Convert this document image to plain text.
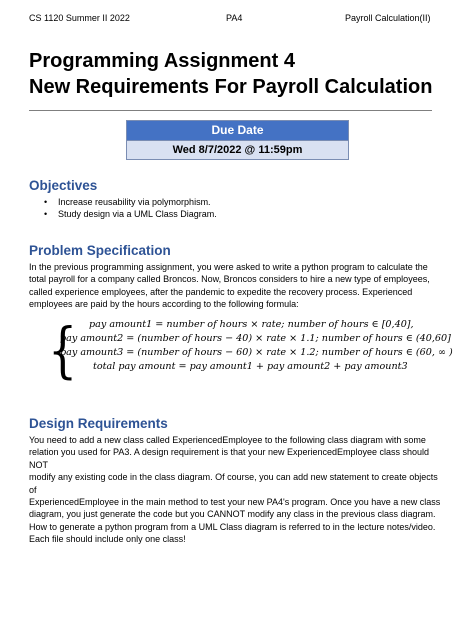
CS 1120 Summer II 2022	PA4	Payroll Calculation(II)
Programming Assignment 4
New Requirements For Payroll Calculation
Due Date
Wed 8/7/2022 @ 11:59pm
Objectives
• Increase reusability via polymorphism.
• Study design via a UML Class Diagram.
Problem Specification
In the previous programming assignment, you were asked to write a python program to calculate the
total payroll for a company called Broncos. Now, Broncos considers to hire a new type of employees,
called experience employees, after the pandemic to expedite the recovery process. Experienced
employees are paid by the hours according to the following formula:
{ pay amount1 = number of hours × rate; number of hours ∈ [0,40],
pay amount2 = (number of hours − 40) × rate × 1.1; number of hours ∈ (40,60]
pay amount3 = (number of hours − 60) × rate × 1.2; number of hours ∈ (60, ∞ )
total pay amount = pay amount1 + pay amount2 + pay amount3
Design Requirements
You need to add a new class called ExperiencedEmployee to the following class diagram with some
relation you used for PA3. A design requirement is that your new ExperiencedEmployee class should NOT
modify any existing code in the class diagram. Of course, you can add new statement to create objects of
ExperiencedEmployee in the main method to test your new PA4's program. Once you have a new class
diagram, you just generate the code but you CANNOT modify any class in the previous class diagram.
How to generate a python program from a UML Class diagram is referred to in the lecture notes/video.
Each file should include only one class!
